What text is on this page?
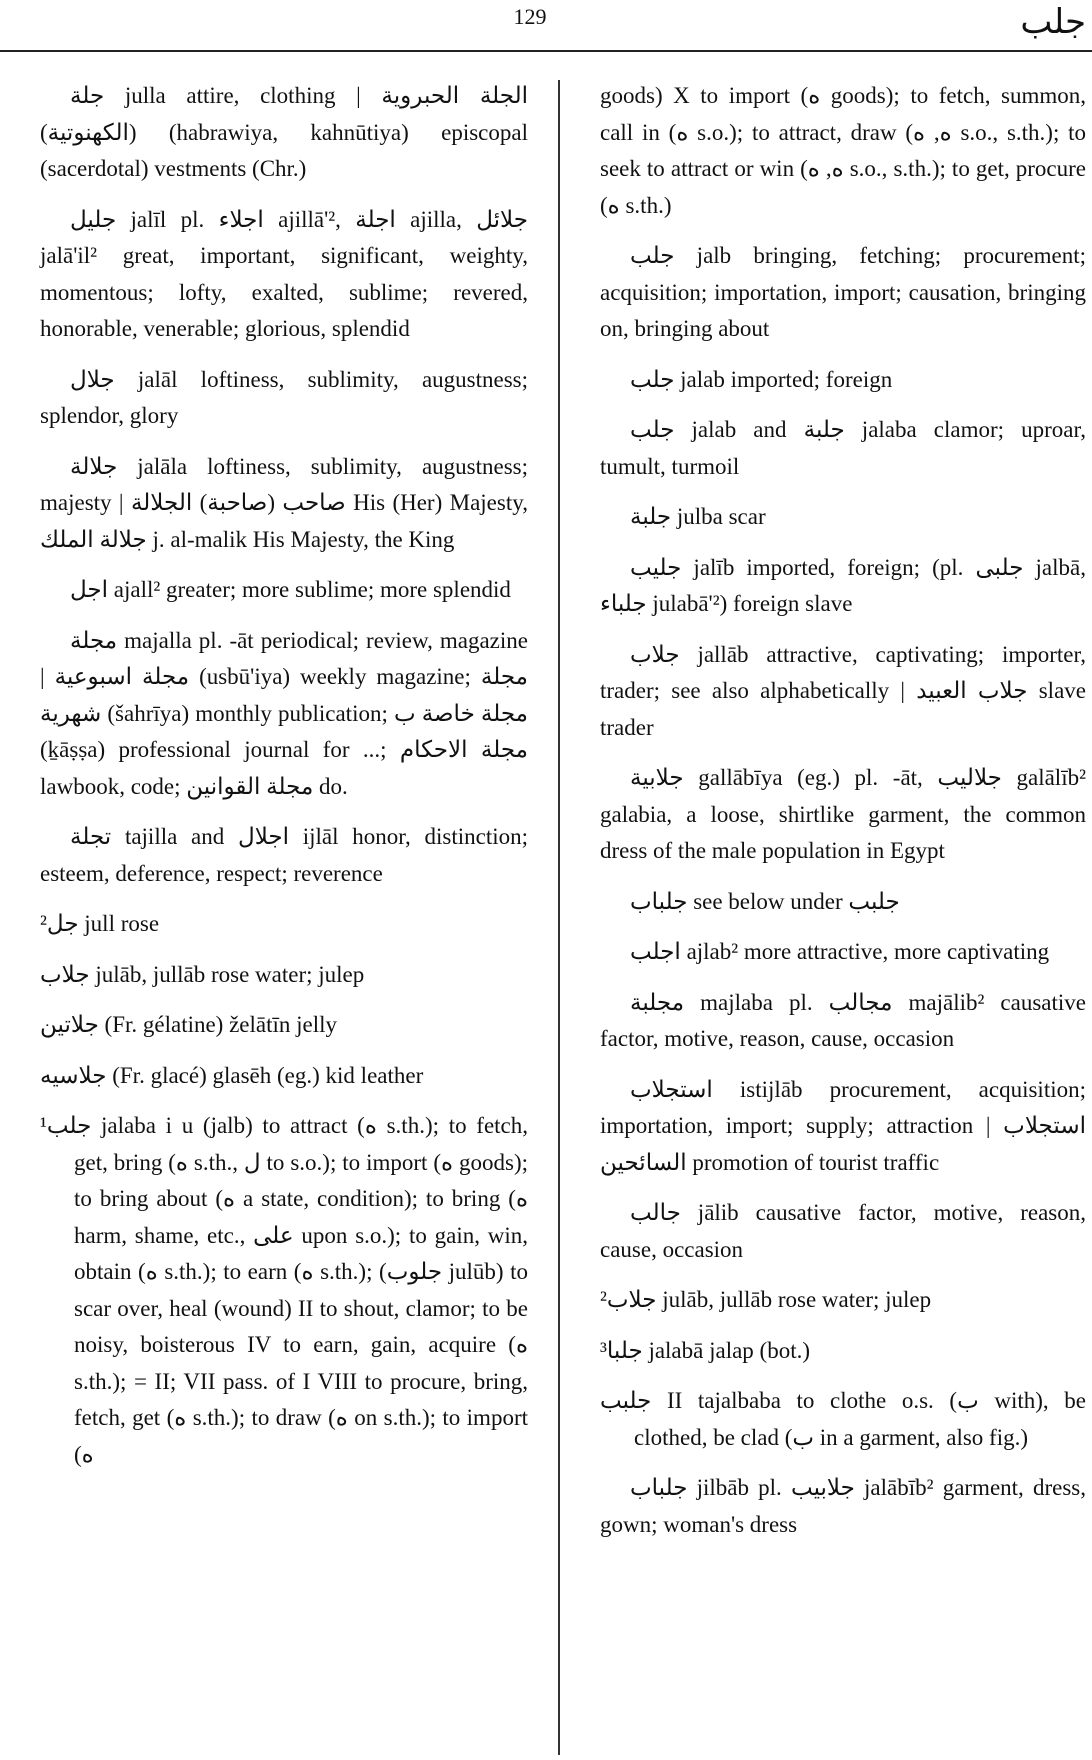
129	جلب

جلة julla attire, clothing | الجلة الحبروية (الكهنوتية) (habrawiya, kahnūtiya) episcopal (sacerdotal) vestments (Chr.)

جليل jalīl pl. اجلاء ajillā'², اجلة ajilla, جلائل jalā'il² great, important, significant, weighty, momentous; lofty, exalted, sublime; revered, honorable, venerable; glorious, splendid

جلال jalāl loftiness, sublimity, augustness; splendor, glory

جلالة jalāla loftiness, sublimity, augustness; majesty | صاحب (صاحبة) الجلالة His (Her) Majesty, جلالة الملك j. al-malik His Majesty, the King

اجل ajall² greater; more sublime; more splendid

مجلة majalla pl. -āt periodical; review, magazine | مجلة اسبوعية (usbū'iya) weekly magazine; مجلة شهرية (šahrīya) monthly publication; مجلة خاصة ب (ḵāṣṣa) professional journal for ...; مجلة الاحكام lawbook, code; مجلة القوانين do.

تجلة tajilla and اجلال ijlāl honor, distinction; esteem, deference, respect; reverence

²جل jull rose

جلاب julāb, jullāb rose water; julep

جلاتين (Fr. gélatine) želātīn jelly

جلاسيه (Fr. glacé) glasēh (eg.) kid leather

¹جلب jalaba i u (jalb) to attract (ه s.th.); to fetch, get, bring (ه s.th., ل to s.o.); to import (ه goods); to bring about (ه a state, condition); to bring (ه harm, shame, etc., على upon s.o.); to gain, win, obtain (ه s.th.); to earn (ه s.th.); (جلوب julūb) to scar over, heal (wound) II to shout, clamor; to be noisy, boisterous IV to earn, gain, acquire (ه s.th.); = II; VII pass. of I VIII to procure, bring, fetch, get (ه s.th.); to draw (ه on s.th.); to import (ه

goods) X to import (ه goods); to fetch, summon, call in (ه s.o.); to attract, draw (ه, ه s.o., s.th.); to seek to attract or win (ه, ه s.o., s.th.); to get, procure (ه s.th.)

جلب jalb bringing, fetching; procurement; acquisition; importation, import; causation, bringing on, bringing about

جلب jalab imported; foreign

جلب jalab and جلبة jalaba clamor; uproar, tumult, turmoil

جلبة julba scar

جليب jalīb imported, foreign; (pl. جلبى jalbā, جلباء julabā'²) foreign slave

جلاب jallāb attractive, captivating; importer, trader; see also alphabetically | جلاب العبيد slave trader

جلابية gallābīya (eg.) pl. -āt, جلاليب galālīb² galabia, a loose, shirtlike garment, the common dress of the male population in Egypt

جلباب see below under جلبب

اجلب ajlab² more attractive, more captivating

مجلبة majlaba pl. مجالب majālib² causative factor, motive, reason, cause, occasion

استجلاب istijlāb procurement, acquisition; importation, import; supply; attraction | استجلاب السائحين promotion of tourist traffic

جالب jālib causative factor, motive, reason, cause, occasion

²جلاب julāb, jullāb rose water; julep

³جلبا jalabā jalap (bot.)

جلبب II tajalbaba to clothe o.s. (ب with), be clothed, be clad (ب in a garment, also fig.)

جلباب jilbāb pl. جلابيب jalābīb² garment, dress, gown; woman's dress
